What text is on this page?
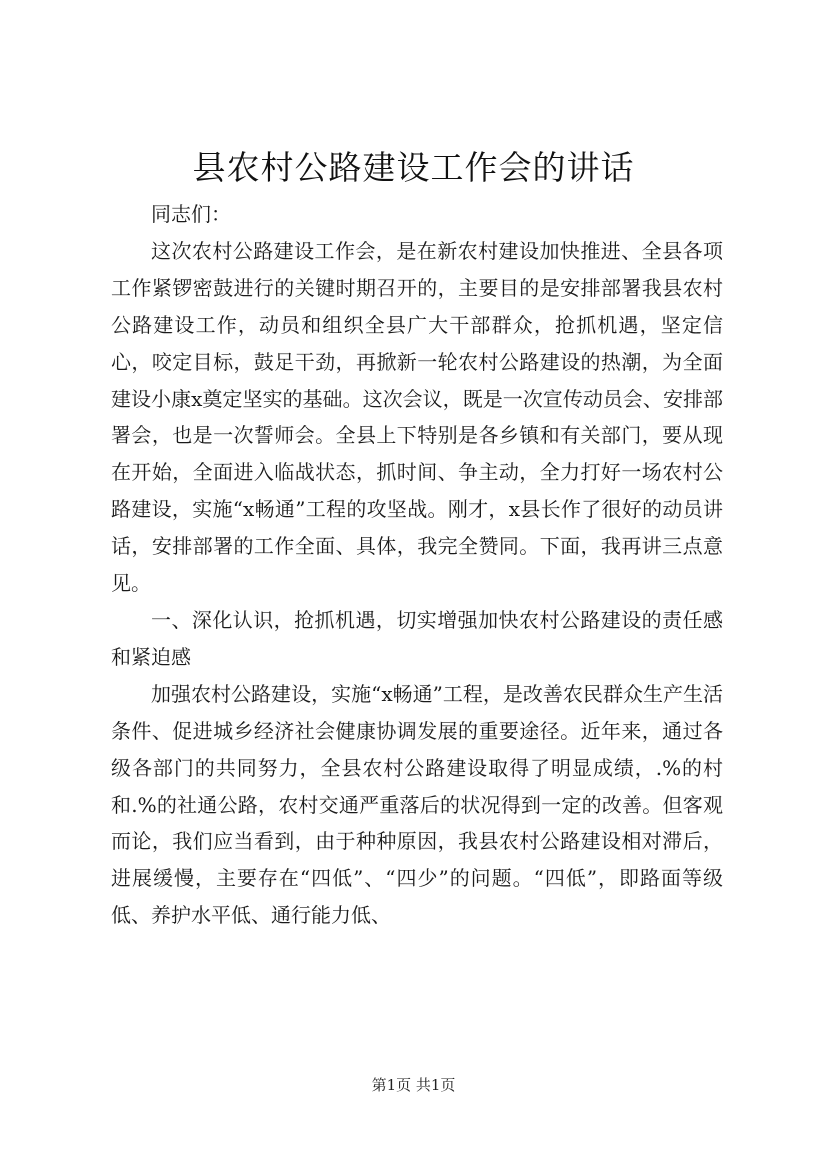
县农村公路建设工作会的讲话

同志们：

这次农村公路建设工作会，是在新农村建设加快推进、全县各项工作紧锣密鼓进行的关键时期召开的，主要目的是安排部署我县农村公路建设工作，动员和组织全县广大干部群众，抢抓机遇，坚定信心，咬定目标，鼓足干劲，再掀新一轮农村公路建设的热潮，为全面建设小康x奠定坚实的基础。这次会议，既是一次宣传动员会、安排部署会，也是一次誓师会。全县上下特别是各乡镇和有关部门，要从现在开始，全面进入临战状态，抓时间、争主动，全力打好一场农村公路建设，实施“x畅通”工程的攻坚战。刚才，x县长作了很好的动员讲话，安排部署的工作全面、具体，我完全赞同。下面，我再讲三点意见。

一、深化认识，抢抓机遇，切实增强加快农村公路建设的责任感和紧迫感

加强农村公路建设，实施“x畅通”工程，是改善农民群众生产生活条件、促进城乡经济社会健康协调发展的重要途径。近年来，通过各级各部门的共同努力，全县农村公路建设取得了明显成绩，.%的村和.%的社通公路，农村交通严重落后的状况得到一定的改善。但客观而论，我们应当看到，由于种种原因，我县农村公路建设相对滞后，进展缓慢，主要存在“四低”、“四少”的问题。“四低”，即路面等级低、养护水平低、通行能力低、

第1页 共1页
